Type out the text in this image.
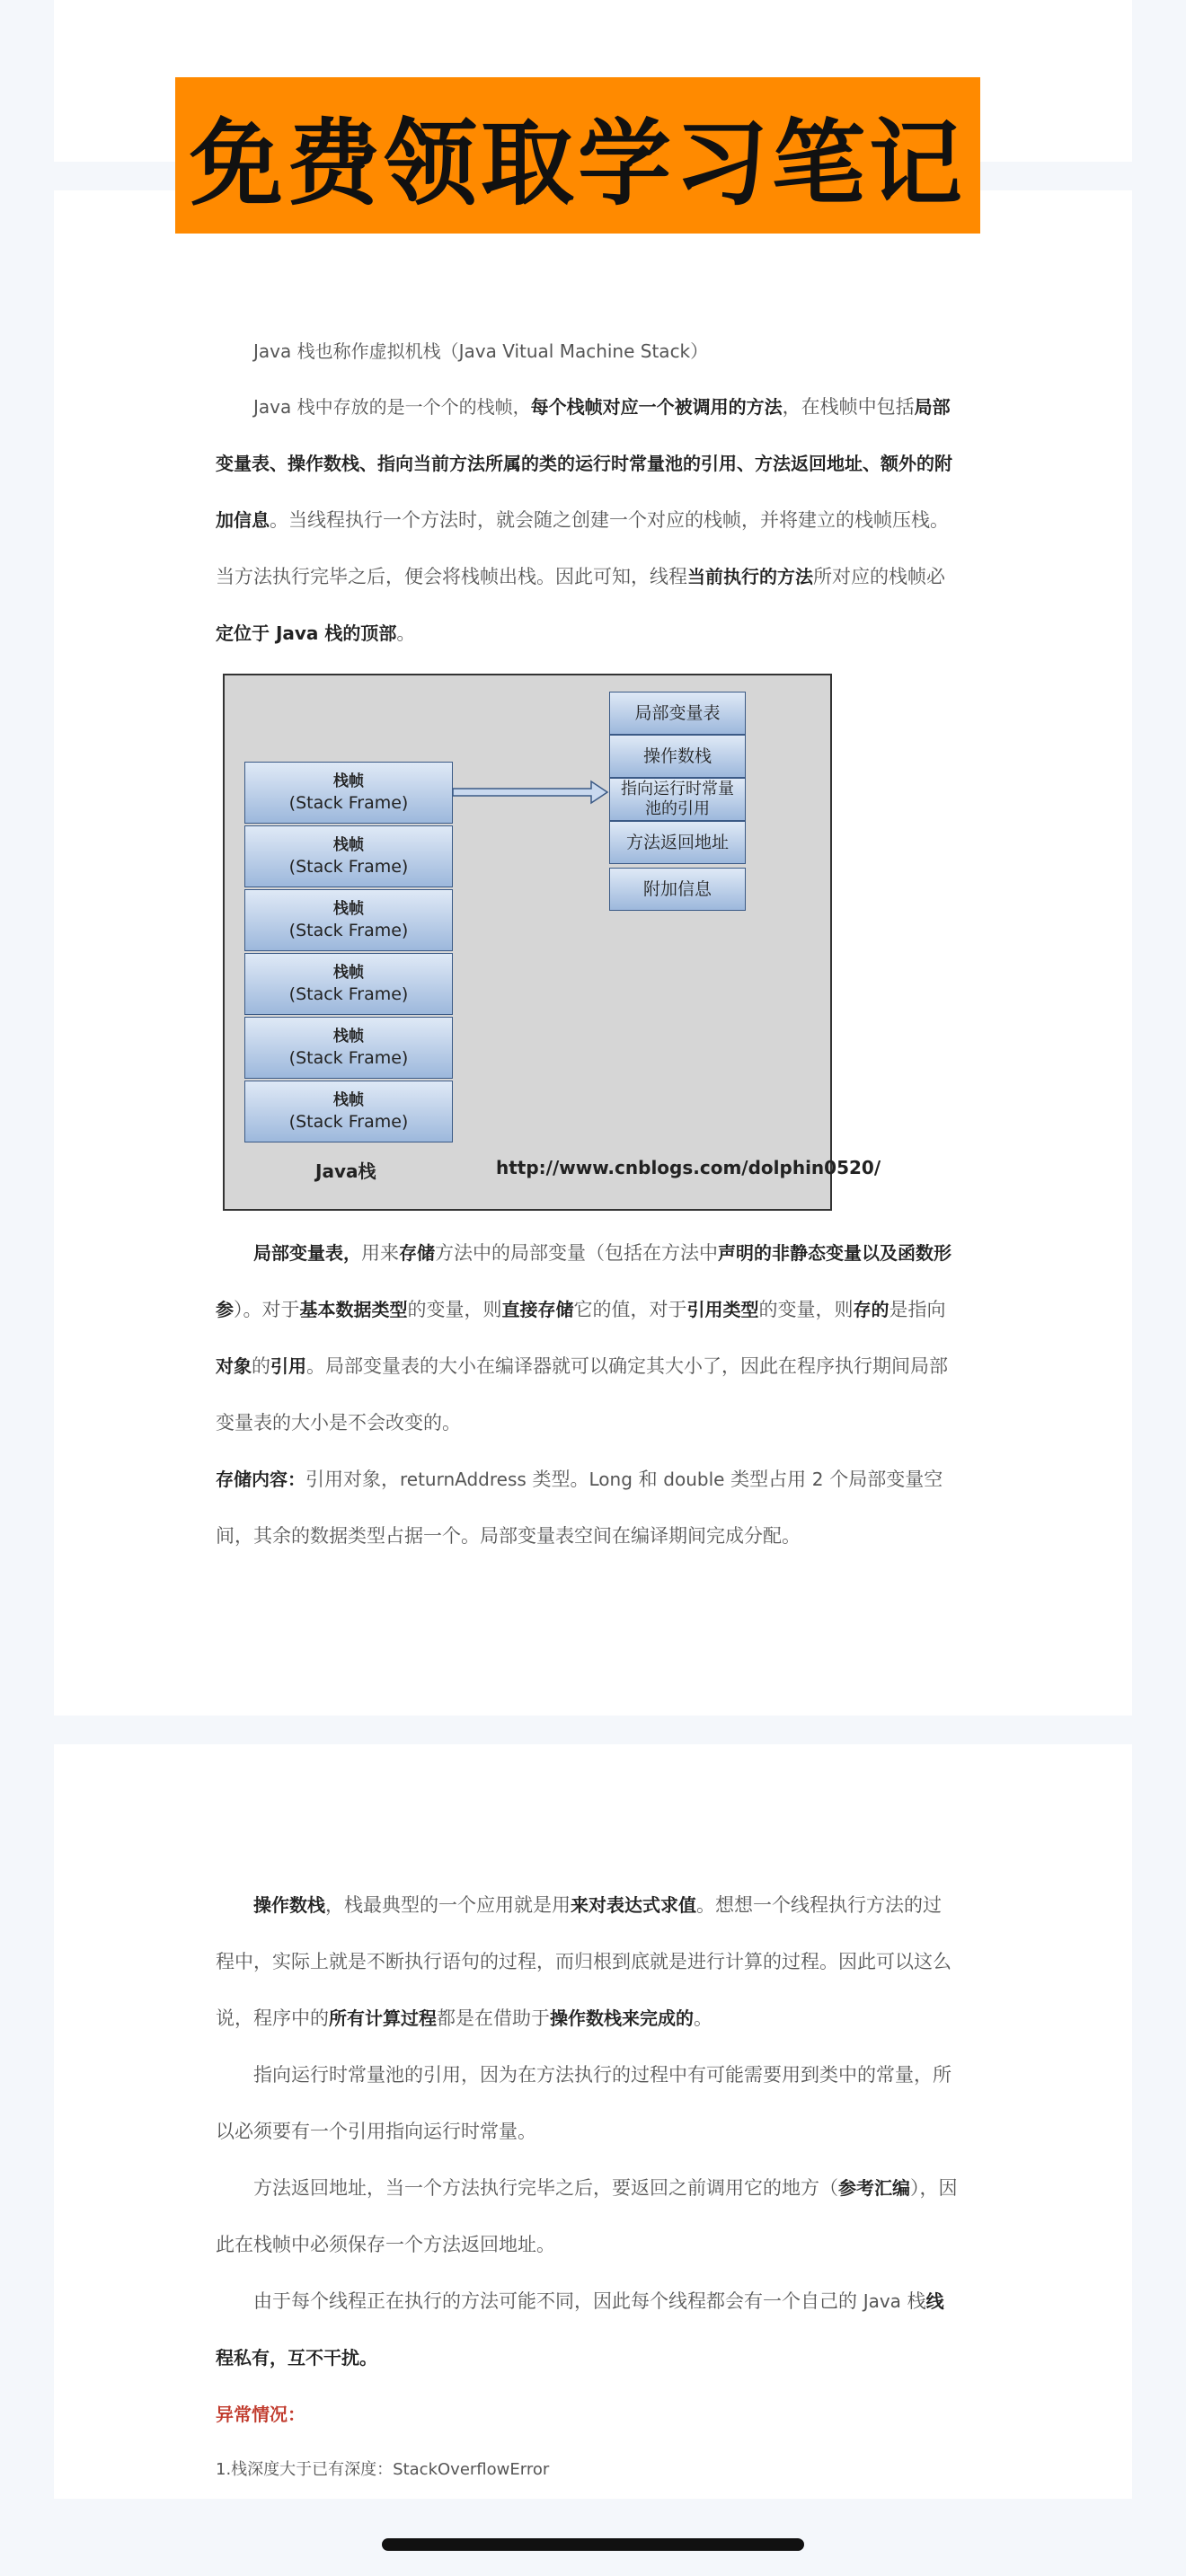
免费领取学习笔记
Java 栈也称作虚拟机栈（Java Vitual Machine Stack）
Java 栈中存放的是一个个的栈帧，每个栈帧对应一个被调用的方法，在栈帧中包括局部变量表、操作数栈、指向当前方法所属的类的运行时常量池的引用、方法返回地址、额外的附加信息。当线程执行一个方法时，就会随之创建一个对应的栈帧，并将建立的栈帧压栈。当方法执行完毕之后，便会将栈帧出栈。因此可知，线程当前执行的方法所对应的栈帧必定位于 Java 栈的顶部。
栈帧
(Stack Frame)
栈帧
(Stack Frame)
栈帧
(Stack Frame)
栈帧
(Stack Frame)
栈帧
(Stack Frame)
栈帧
(Stack Frame)
局部变量表
操作数栈
指向运行时常量池的引用
方法返回地址
附加信息
Java栈	http://www.cnblogs.com/dolphin0520/
局部变量表，用来存储方法中的局部变量（包括在方法中声明的非静态变量以及函数形参）。对于基本数据类型的变量，则直接存储它的值，对于引用类型的变量，则存的是指向对象的引用。局部变量表的大小在编译器就可以确定其大小了，因此在程序执行期间局部变量表的大小是不会改变的。
存储内容：引用对象，returnAddress 类型。Long 和 double 类型占用 2 个局部变量空间，其余的数据类型占据一个。局部变量表空间在编译期间完成分配。
操作数栈，栈最典型的一个应用就是用来对表达式求值。想想一个线程执行方法的过程中，实际上就是不断执行语句的过程，而归根到底就是进行计算的过程。因此可以这么说，程序中的所有计算过程都是在借助于操作数栈来完成的。
指向运行时常量池的引用，因为在方法执行的过程中有可能需要用到类中的常量，所以必须要有一个引用指向运行时常量。
方法返回地址，当一个方法执行完毕之后，要返回之前调用它的地方（参考汇编），因此在栈帧中必须保存一个方法返回地址。
由于每个线程正在执行的方法可能不同，因此每个线程都会有一个自己的 Java 栈线程私有，互不干扰。
异常情况：
1.栈深度大于已有深度：StackOverflowError
